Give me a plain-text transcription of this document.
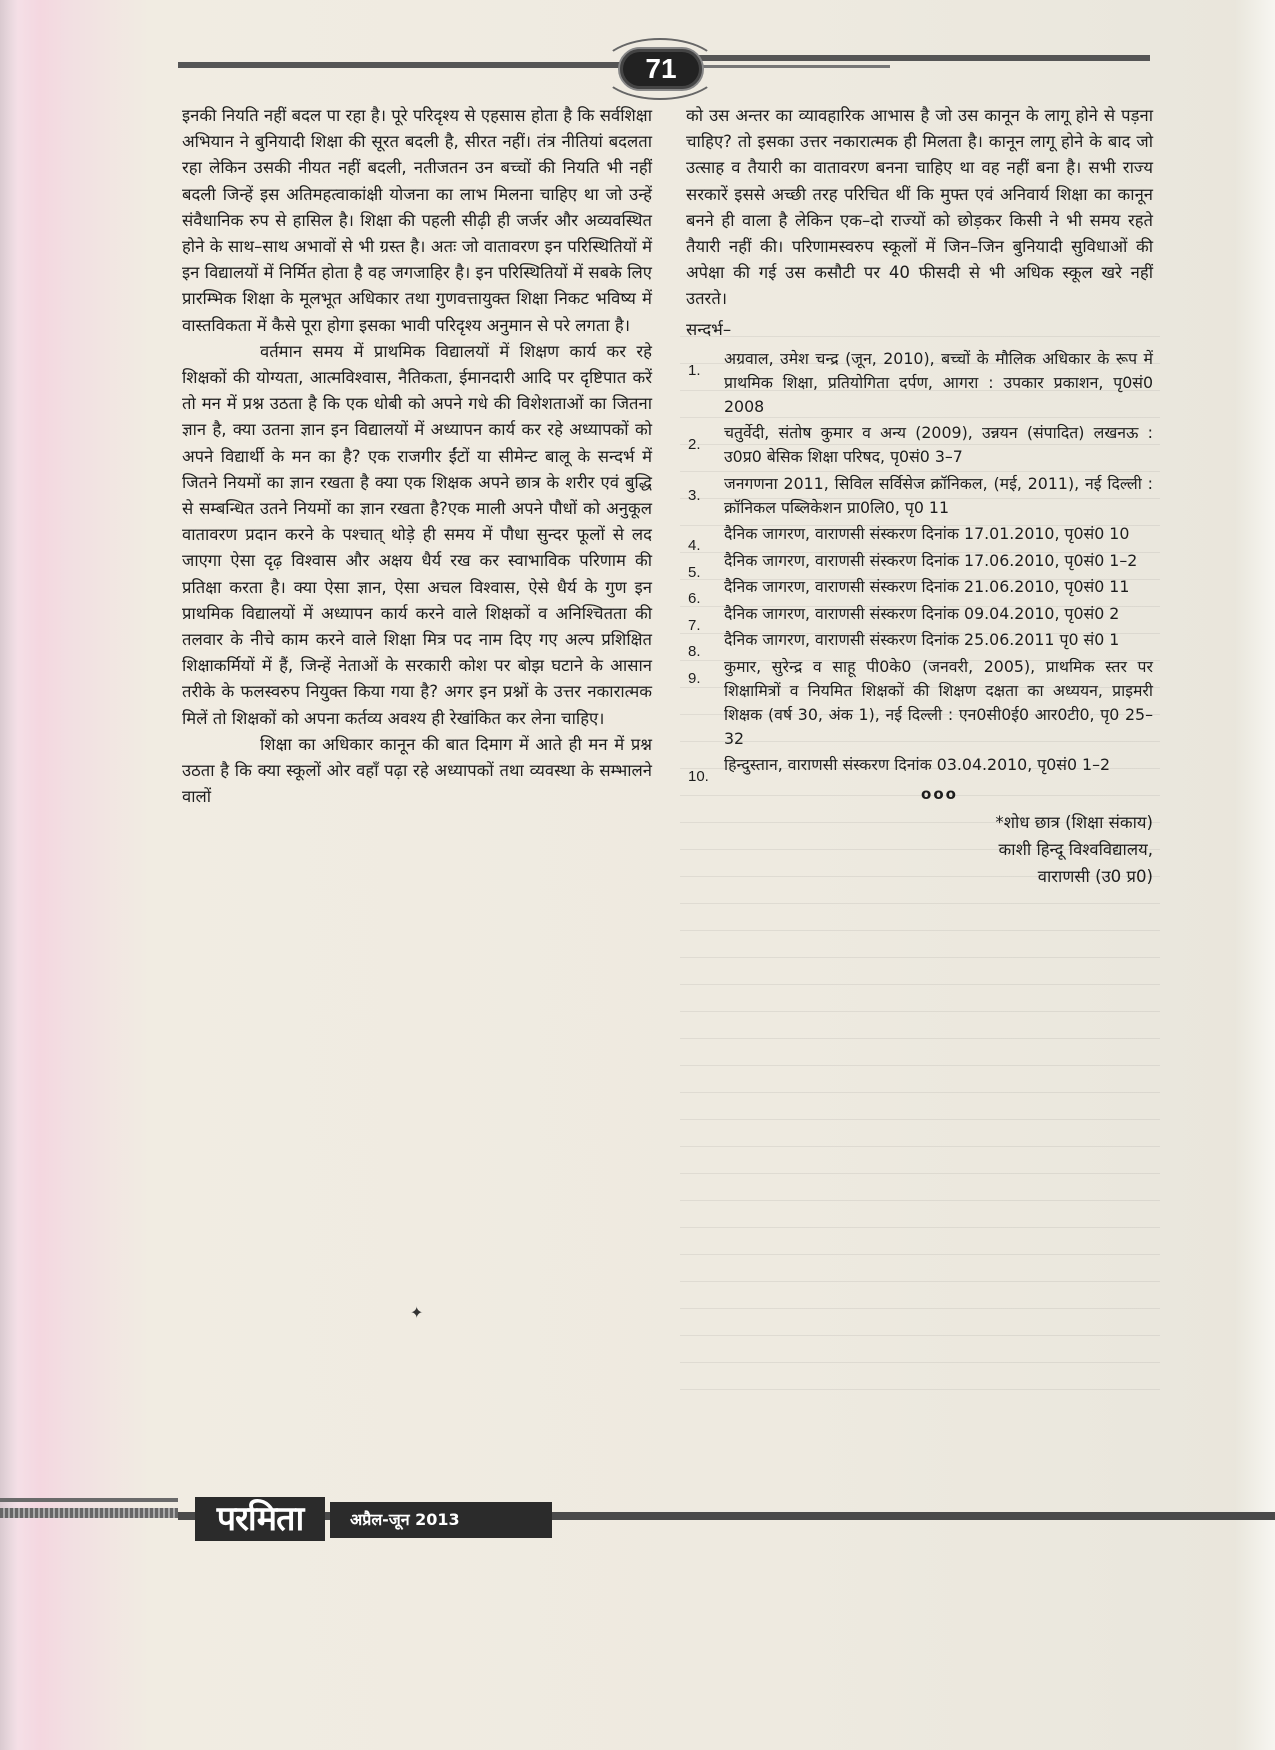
71

इनकी नियति नहीं बदल पा रहा है। पूरे परिदृश्य से एहसास होता है कि सर्वशिक्षा अभियान ने बुनियादी शिक्षा की सूरत बदली है, सीरत नहीं। तंत्र नीतियां बदलता रहा लेकिन उसकी नीयत नहीं बदली, नतीजतन उन बच्चों की नियति भी नहीं बदली जिन्हें इस अतिमहत्वाकांक्षी योजना का लाभ मिलना चाहिए था जो उन्हें संवैधानिक रुप से हासिल है। शिक्षा की पहली सीढ़ी ही जर्जर और अव्यवस्थित होने के साथ–साथ अभावों से भी ग्रस्त है। अतः जो वातावरण इन परिस्थितियों में इन विद्यालयों में निर्मित होता है वह जगजाहिर है। इन परिस्थितियों में सबके लिए प्रारम्भिक शिक्षा के मूलभूत अधिकार तथा गुणवत्तायुक्त शिक्षा निकट भविष्य में वास्तविकता में कैसे पूरा होगा इसका भावी परिदृश्य अनुमान से परे लगता है।

वर्तमान समय में प्राथमिक विद्यालयों में शिक्षण कार्य कर रहे शिक्षकों की योग्यता, आत्मविश्वास, नैतिकता, ईमानदारी आदि पर दृष्टिपात करें तो मन में प्रश्न उठता है कि एक धोबी को अपने गधे की विशेशताओं का जितना ज्ञान है, क्या उतना ज्ञान इन विद्यालयों में अध्यापन कार्य कर रहे अध्यापकों को अपने विद्यार्थी के मन का है? एक राजगीर ईंटों या सीमेन्ट बालू के सन्दर्भ में जितने नियमों का ज्ञान रखता है क्या एक शिक्षक अपने छात्र के शरीर एवं बुद्धि से सम्बन्धित उतने नियमों का ज्ञान रखता है?एक माली अपने पौधों को अनुकूल वातावरण प्रदान करने के पश्चात् थोड़े ही समय में पौधा सुन्दर फूलों से लद जाएगा ऐसा दृढ़ विश्वास और अक्षय धैर्य रख कर स्वाभाविक परिणाम की प्रतिक्षा करता है। क्या ऐसा ज्ञान, ऐसा अचल विश्वास, ऐसे धैर्य के गुण इन प्राथमिक विद्यालयों में अध्यापन कार्य करने वाले शिक्षकों व अनिश्चितता की तलवार के नीचे काम करने वाले शिक्षा मित्र पद नाम दिए गए अल्प प्रशिक्षित शिक्षाकर्मियों में हैं, जिन्हें नेताओं के सरकारी कोश पर बोझ घटाने के आसान तरीके के फलस्वरुप नियुक्त किया गया है? अगर इन प्रश्नों के उत्तर नकारात्मक मिलें तो शिक्षकों को अपना कर्तव्य अवश्य ही रेखांकित कर लेना चाहिए।

शिक्षा का अधिकार कानून की बात दिमाग में आते ही मन में प्रश्न उठता है कि क्या स्कूलों ओर वहाँ पढ़ा रहे अध्यापकों तथा व्यवस्था के सम्भालने वालों

को उस अन्तर का व्यावहारिक आभास है जो उस कानून के लागू होने से पड़ना चाहिए? तो इसका उत्तर नकारात्मक ही मिलता है। कानून लागू होने के बाद जो उत्साह व तैयारी का वातावरण बनना चाहिए था वह नहीं बना है। सभी राज्य सरकारें इससे अच्छी तरह परिचित थीं कि मुफ्त एवं अनिवार्य शिक्षा का कानून बनने ही वाला है लेकिन एक–दो राज्यों को छोड़कर किसी ने भी समय रहते तैयारी नहीं की। परिणामस्वरुप स्कूलों में जिन–जिन बुनियादी सुविधाओं की अपेक्षा की गई उस कसौटी पर 40 फीसदी से भी अधिक स्कूल खरे नहीं उतरते।

सन्दर्भ–
1.
अग्रवाल, उमेश चन्द्र (जून, 2010), बच्चों के मौलिक अधिकार के रूप में प्राथमिक शिक्षा, प्रतियोगिता दर्पण, आगरा : उपकार प्रकाशन, पृ0सं0 2008
2.
चतुर्वेदी, संतोष कुमार व अन्य (2009), उन्नयन (संपादित) लखनऊ : उ0प्र0 बेसिक शिक्षा परिषद, पृ0सं0 3–7
3.
जनगणना 2011, सिविल सर्विसेज क्रॉनिकल, (मई, 2011), नई दिल्ली : क्रॉनिकल पब्लिकेशन प्रा0लि0, पृ0 11
4.
दैनिक जागरण, वाराणसी संस्करण दिनांक 17.01.2010, पृ0सं0 10
5.
दैनिक जागरण, वाराणसी संस्करण दिनांक 17.06.2010, पृ0सं0 1–2
6.
दैनिक जागरण, वाराणसी संस्करण दिनांक 21.06.2010, पृ0सं0 11
7.
दैनिक जागरण, वाराणसी संस्करण दिनांक 09.04.2010, पृ0सं0 2
8.
दैनिक जागरण, वाराणसी संस्करण दिनांक 25.06.2011 पृ0 सं0 1
9.
कुमार, सुरेन्द्र व साहू पी0के0 (जनवरी, 2005), प्राथमिक स्तर पर शिक्षामित्रों व नियमित शिक्षकों की शिक्षण दक्षता का अध्ययन, प्राइमरी शिक्षक (वर्ष 30, अंक 1), नई दिल्ली : एन0सी0ई0 आर0टी0, पृ0 25–32
10.
हिन्दुस्तान, वाराणसी संस्करण दिनांक 03.04.2010, पृ0सं0 1–2
ooo
*शोध छात्र (शिक्षा संकाय)
काशी हिन्दू विश्वविद्यालय,
वाराणसी (उ0 प्र0)
✦
परमिता	अप्रैल-जून 2013
